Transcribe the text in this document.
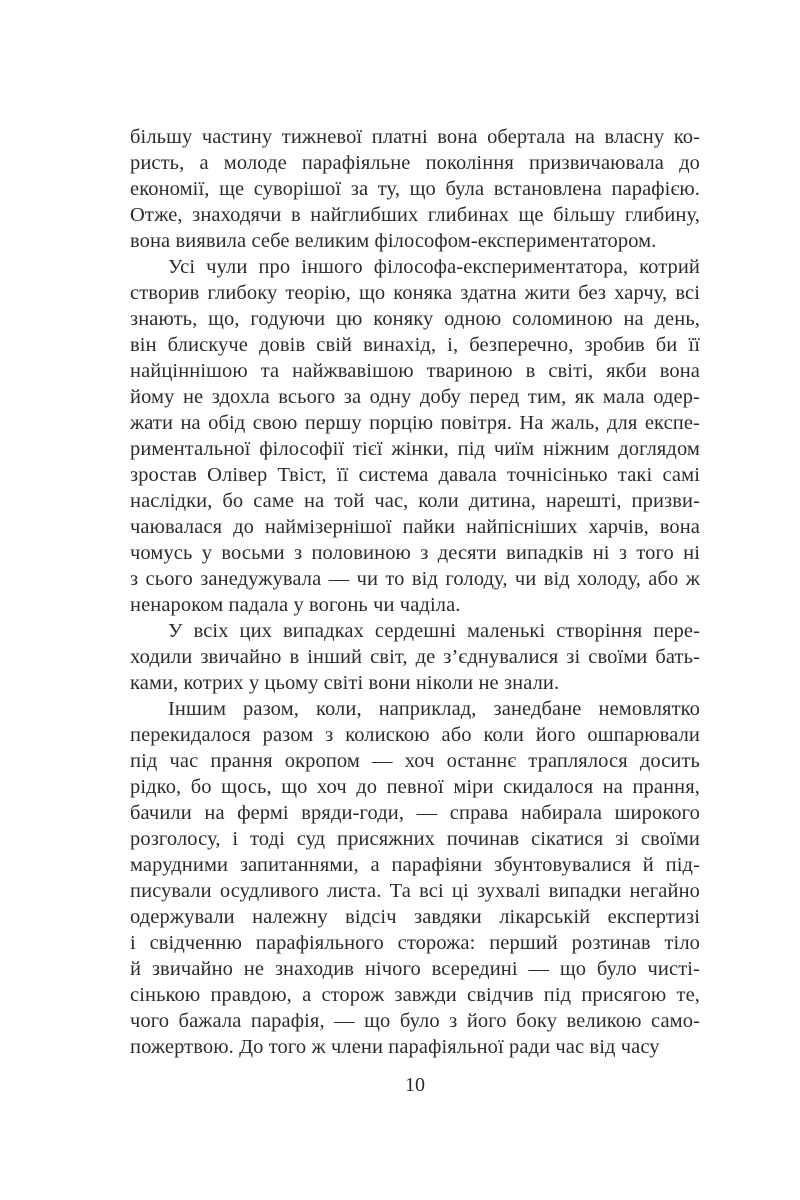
більшу частину тижневої платні вона обертала на власну ко-
ристь, а молоде парафіяльне покоління призвичаювала до
економії, ще суворішої за ту, що була встановлена парафією.
Отже, знаходячи в найглибших глибинах ще більшу глибину,
вона виявила себе великим філософом-експериментатором.

Усі чули про іншого філософа-експериментатора, котрий
створив глибоку теорію, що коняка здатна жити без харчу, всі
знають, що, годуючи цю коняку одною соломиною на день,
він блискуче довів свій винахід, і, безперечно, зробив би її
найціннішою та найжвавішою твариною в світі, якби вона
йому не здохла всього за одну добу перед тим, як мала одер-
жати на обід свою першу порцію повітря. На жаль, для експе-
риментальної філософії тієї жінки, під чиїм ніжним доглядом
зростав Олівер Твіст, її система давала точнісінько такі самі
наслідки, бо саме на той час, коли дитина, нарешті, призви-
чаювалася до наймізернішої пайки найпісніших харчів, вона
чомусь у восьми з половиною з десяти випадків ні з того ні
з сього занедужувала — чи то від голоду, чи від холоду, або ж
ненароком падала у вогонь чи чаділа.

У всіх цих випадках сердешні маленькі створіння пере-
ходили звичайно в інший світ, де з’єднувалися зі своїми бать-
ками, котрих у цьому світі вони ніколи не знали.

Іншим разом, коли, наприклад, занедбане немовлятко
перекидалося разом з колискою або коли його ошпарювали
під час прання окропом — хоч останнє траплялося досить
рідко, бо щось, що хоч до певної міри скидалося на прання,
бачили на фермі вряди-годи, — справа набирала широкого
розголосу, і тоді суд присяжних починав сікатися зі своїми
марудними запитаннями, а парафіяни збунтовувалися й під-
писували осудливого листа. Та всі ці зухвалі випадки негайно
одержували належну відсіч завдяки лікарській експертизі
і свідченню парафіяльного сторожа: перший розтинав тіло
й звичайно не знаходив нічого всередині — що було чисті-
сінькою правдою, а сторож завжди свідчив під присягою те,
чого бажала парафія, — що було з його боку великою само-
пожертвою. До того ж члени парафіяльної ради час від часу

10
